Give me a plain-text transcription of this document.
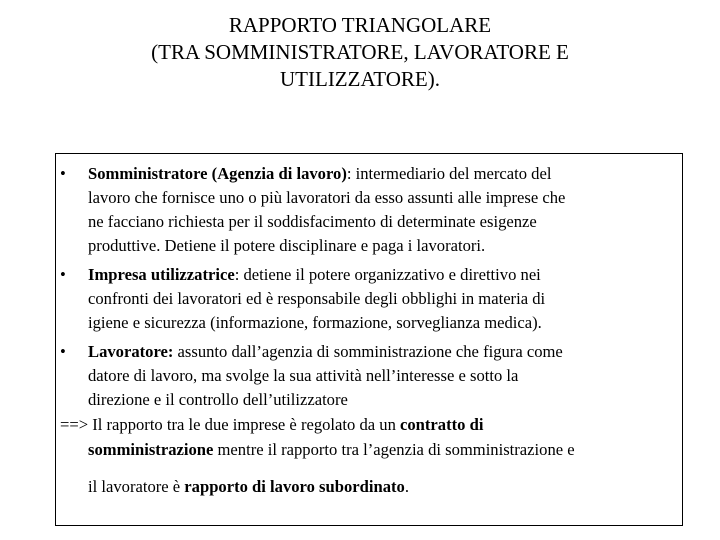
RAPPORTO TRIANGOLARE
(TRA SOMMINISTRATORE, LAVORATORE E
UTILIZZATORE).
• Somministratore (Agenzia di lavoro): intermediario del mercato del
lavoro che fornisce uno o più lavoratori da esso assunti alle imprese che
ne facciano richiesta per il soddisfacimento di determinate esigenze
produttive. Detiene il potere disciplinare e paga i lavoratori.
• Impresa utilizzatrice: detiene il potere organizzativo e direttivo nei
confronti dei lavoratori ed è responsabile degli obblighi in materia di
igiene e sicurezza (informazione, formazione, sorveglianza medica).
• Lavoratore: assunto dall’agenzia di somministrazione che figura come
datore di lavoro, ma svolge la sua attività nell’interesse e sotto la
direzione e il controllo dell’utilizzatore
==> Il rapporto tra le due imprese è regolato da un contratto di
somministrazione mentre il rapporto tra l’agenzia di somministrazione e
il lavoratore è rapporto di lavoro subordinato.
